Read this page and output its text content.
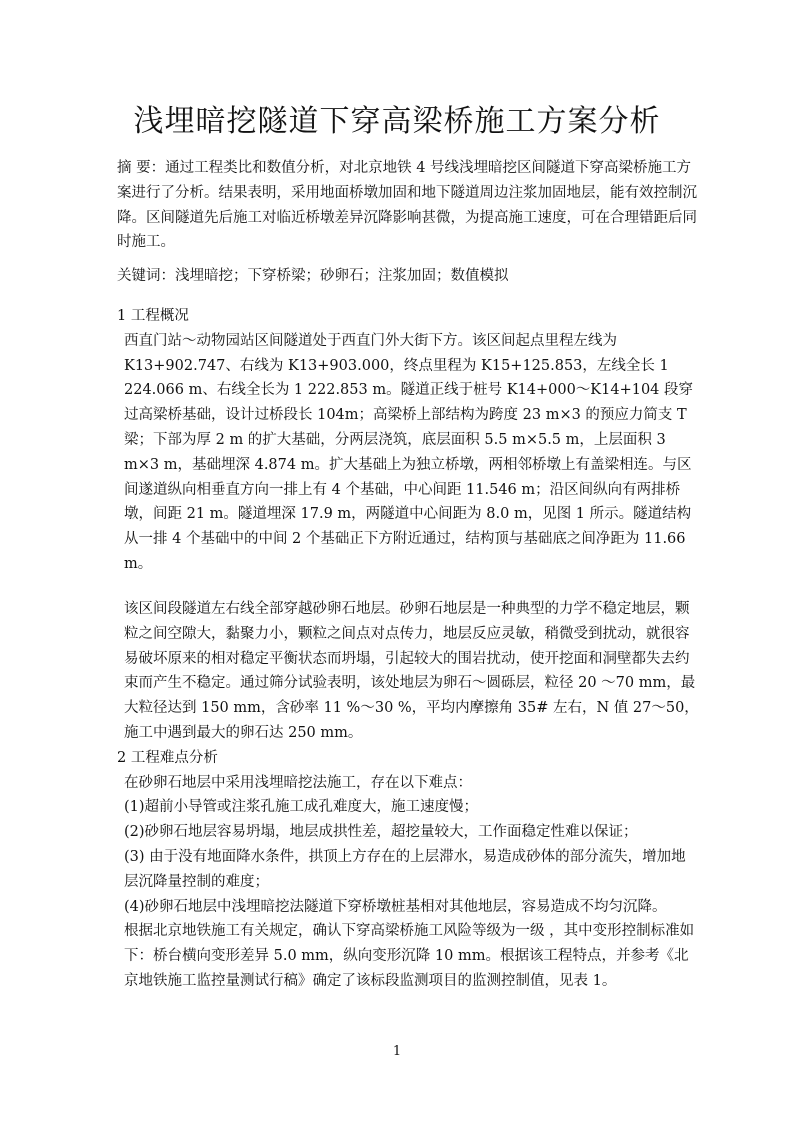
浅埋暗挖隧道下穿高梁桥施工方案分析

摘 要：通过工程类比和数值分析，对北京地铁 4 号线浅埋暗挖区间隧道下穿高梁桥施工方案进行了分析。结果表明，采用地面桥墩加固和地下隧道周边注浆加固地层，能有效控制沉降。区间隧道先后施工对临近桥墩差异沉降影响甚微，为提高施工速度，可在合理错距后同时施工。

关键词：浅埋暗挖；下穿桥梁；砂卵石；注浆加固；数值模拟

1 工程概况

西直门站～动物园站区间隧道处于西直门外大街下方。该区间起点里程左线为 K13+902.747、右线为 K13+903.000，终点里程为 K15+125.853，左线全长 1 224.066 m、右线全长为 1 222.853 m。隧道正线于桩号 K14+000～K14+104 段穿过高梁桥基础，设计过桥段长 104m；高梁桥上部结构为跨度 23 m×3 的预应力简支 T 梁；下部为厚 2 m 的扩大基础，分两层浇筑，底层面积 5.5 m×5.5 m，上层面积 3 m×3 m，基础埋深 4.874 m。扩大基础上为独立桥墩，两相邻桥墩上有盖梁相连。与区间遂道纵向相垂直方向一排上有 4 个基础，中心间距 11.546 m；沿区间纵向有两排桥墩，间距 21 m。隧道埋深 17.9 m，两隧道中心间距为 8.0 m，见图 1 所示。隧道结构从一排 4 个基础中的中间 2 个基础正下方附近通过，结构顶与基础底之间净距为 11.66 m。

该区间段隧道左右线全部穿越砂卵石地层。砂卵石地层是一种典型的力学不稳定地层，颗粒之间空隙大，黏聚力小，颗粒之间点对点传力，地层反应灵敏，稍微受到扰动，就很容易破坏原来的相对稳定平衡状态而坍塌，引起较大的围岩扰动，使开挖面和洞壁都失去约束而产生不稳定。通过筛分试验表明，该处地层为卵石～圆砾层，粒径 20 ～70 mm，最大粒径达到 150 mm，含砂率 11 %～30 %，平均内摩擦角 35# 左右，N 值 27～50，施工中遇到最大的卵石达 250 mm。

2 工程难点分析

在砂卵石地层中采用浅埋暗挖法施工，存在以下难点：

(1)超前小导管或注浆孔施工成孔难度大，施工速度慢；

(2)砂卵石地层容易坍塌，地层成拱性差，超挖量较大，工作面稳定性难以保证；

(3) 由于没有地面降水条件，拱顶上方存在的上层滞水，易造成砂体的部分流失，增加地层沉降量控制的难度；

(4)砂卵石地层中浅埋暗挖法隧道下穿桥墩桩基相对其他地层，容易造成不均匀沉降。

根据北京地铁施工有关规定，确认下穿高梁桥施工风险等级为一级 ，其中变形控制标准如下：桥台横向变形差异 5.0 mm，纵向变形沉降 10 mm。根据该工程特点，并参考《北京地铁施工监控量测试行稿》确定了该标段监测项目的监测控制值，见表 1。

1
